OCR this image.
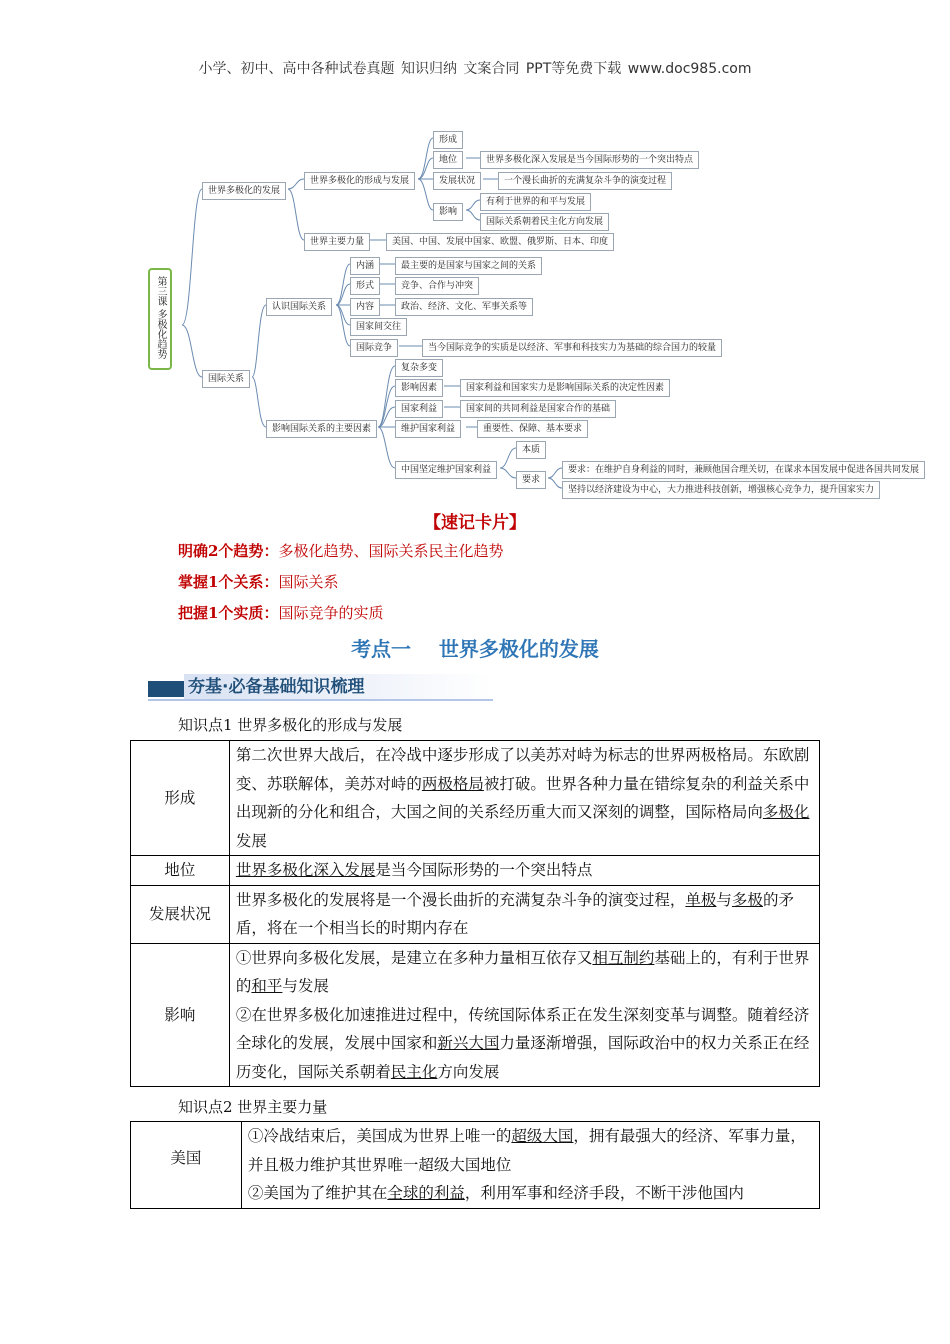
小学、初中、高中各种试卷真题 知识归纳 文案合同 PPT等免费下载 www.doc985.com
第三课 多极化趋势
世界多极化的发展
世界多极化的形成与发展
形成
地位	世界多极化深入发展是当今国际形势的一个突出特点
发展状况	一个漫长曲折的充满复杂斗争的演变过程
影响
有利于世界的和平与发展
国际关系朝着民主化方向发展
世界主要力量	美国、中国、发展中国家、欧盟、俄罗斯、日本、印度
国际关系
认识国际关系
内涵	最主要的是国家与国家之间的关系
形式	竞争、合作与冲突
内容	政治、经济、文化、军事关系等
国家间交往
国际竞争	当今国际竞争的实质是以经济、军事和科技实力为基础的综合国力的较量
影响国际关系的主要因素
复杂多变
影响因素	国家利益和国家实力是影响国际关系的决定性因素
国家利益	国家间的共同利益是国家合作的基础
维护国家利益	重要性、保障、基本要求
中国坚定维护国家利益
本质
要求
要求：在维护自身利益的同时，兼顾他国合理关切，在谋求本国发展中促进各国共同发展
坚持以经济建设为中心，大力推进科技创新，增强核心竞争力，提升国家实力
【速记卡片】
明确2个趋势：多极化趋势、国际关系民主化趋势
掌握1个关系：国际关系
把握1个实质：国际竞争的实质
考点一    世界多极化的发展
夯基·必备基础知识梳理
知识点1 世界多极化的形成与发展
形成	第二次世界大战后，在冷战中逐步形成了以美苏对峙为标志的世界两极格局。东欧剧变、苏联解体，美苏对峙的两极格局被打破。世界各种力量在错综复杂的利益关系中出现新的分化和组合，大国之间的关系经历重大而又深刻的调整，国际格局向多极化发展
地位	世界多极化深入发展是当今国际形势的一个突出特点
发展状况	世界多极化的发展将是一个漫长曲折的充满复杂斗争的演变过程，单极与多极的矛盾，将在一个相当长的时期内存在
影响	①世界向多极化发展，是建立在多种力量相互依存又相互制约基础上的，有利于世界的和平与发展
②在世界多极化加速推进过程中，传统国际体系正在发生深刻变革与调整。随着经济全球化的发展，发展中国家和新兴大国力量逐渐增强，国际政治中的权力关系正在经历变化，国际关系朝着民主化方向发展
知识点2 世界主要力量
美国	①冷战结束后，美国成为世界上唯一的超级大国，拥有最强大的经济、军事力量，并且极力维护其世界唯一超级大国地位
②美国为了维护其在全球的利益，利用军事和经济手段，不断干涉他国内
